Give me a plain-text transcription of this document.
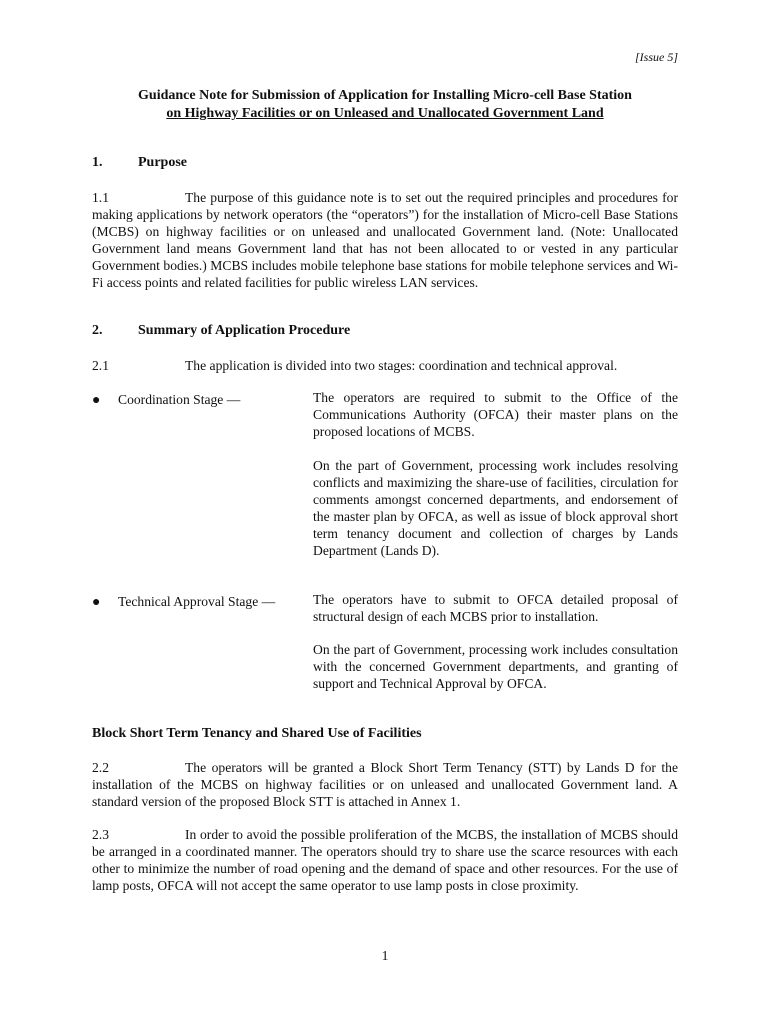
[Issue 5]
Guidance Note for Submission of Application for Installing Micro-cell Base Station
on Highway Facilities or on Unleased and Unallocated Government Land
1.	Purpose
1.1	The purpose of this guidance note is to set out the required principles and procedures for making applications by network operators (the “operators”) for the installation of Micro-cell Base Stations (MCBS) on highway facilities or on unleased and unallocated Government land. (Note: Unallocated Government land means Government land that has not been allocated to or vested in any particular Government bodies.) MCBS includes mobile telephone base stations for mobile telephone services and Wi-Fi access points and related facilities for public wireless LAN services.
2.	Summary of Application Procedure
2.1	The application is divided into two stages: coordination and technical approval.
● Coordination Stage —	The operators are required to submit to the Office of the Communications Authority (OFCA) their master plans on the proposed locations of MCBS.
On the part of Government, processing work includes resolving conflicts and maximizing the share-use of facilities, circulation for comments amongst concerned departments, and endorsement of the master plan by OFCA, as well as issue of block approval short term tenancy document and collection of charges by Lands Department (Lands D).
● Technical Approval Stage —	The operators have to submit to OFCA detailed proposal of structural design of each MCBS prior to installation.
On the part of Government, processing work includes consultation with the concerned Government departments, and granting of support and Technical Approval by OFCA.
Block Short Term Tenancy and Shared Use of Facilities
2.2	The operators will be granted a Block Short Term Tenancy (STT) by Lands D for the installation of the MCBS on highway facilities or on unleased and unallocated Government land. A standard version of the proposed Block STT is attached in Annex 1.
2.3	In order to avoid the possible proliferation of the MCBS, the installation of MCBS should be arranged in a coordinated manner. The operators should try to share use the scarce resources with each other to minimize the number of road opening and the demand of space and other resources. For the use of lamp posts, OFCA will not accept the same operator to use lamp posts in close proximity.
1
